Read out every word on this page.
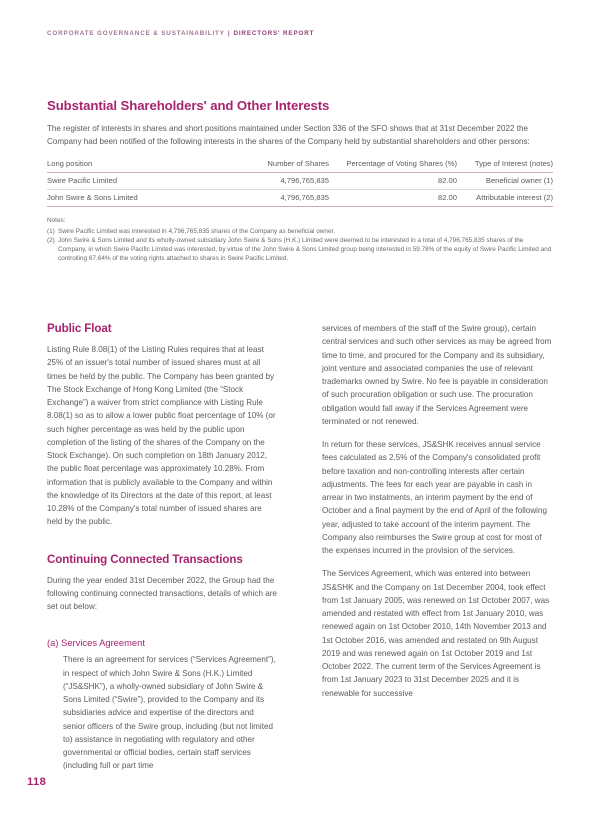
CORPORATE GOVERNANCE & SUSTAINABILITY | DIRECTORS' REPORT
Substantial Shareholders' and Other Interests

The register of interests in shares and short positions maintained under Section 336 of the SFO shows that at 31st December 2022 the Company had been notified of the following interests in the shares of the Company held by substantial shareholders and other persons:

Long position	Number of Shares	Percentage of Voting Shares (%)	Type of Interest (notes)
Swire Pacific Limited	4,796,765,835	82.00	Beneficial owner (1)
John Swire & Sons Limited	4,796,765,835	82.00	Attributable interest (2)
Notes:
(1) Swire Pacific Limited was interested in 4,796,765,835 shares of the Company as beneficial owner.
(2) John Swire & Sons Limited and its wholly-owned subsidiary John Swire & Sons (H.K.) Limited were deemed to be interested in a total of 4,796,765,835 shares of the Company, in which Swire Pacific Limited was interested, by virtue of the John Swire & Sons Limited group being interested in 59.78% of the equity of Swire Pacific Limited and controlling 67.64% of the voting rights attached to shares in Swire Pacific Limited.
Public Float

Listing Rule 8.08(1) of the Listing Rules requires that at least 25% of an issuer's total number of issued shares must at all times be held by the public. The Company has been granted by The Stock Exchange of Hong Kong Limited (the “Stock Exchange”) a waiver from strict compliance with Listing Rule 8.08(1) so as to allow a lower public float percentage of 10% (or such higher percentage as was held by the public upon completion of the listing of the shares of the Company on the Stock Exchange). On such completion on 18th January 2012, the public float percentage was approximately 10.28%. From information that is publicly available to the Company and within the knowledge of its Directors at the date of this report, at least 10.28% of the Company's total number of issued shares are held by the public.

Continuing Connected Transactions

During the year ended 31st December 2022, the Group had the following continuing connected transactions, details of which are set out below:

(a) Services Agreement

There is an agreement for services (“Services Agreement”), in respect of which John Swire & Sons (H.K.) Limited (“JS&SHK”), a wholly-owned subsidiary of John Swire & Sons Limited (“Swire”), provided to the Company and its subsidiaries advice and expertise of the directors and senior officers of the Swire group, including (but not limited to) assistance in negotiating with regulatory and other governmental or official bodies, certain staff services (including full or part time

services of members of the staff of the Swire group), certain central services and such other services as may be agreed from time to time, and procured for the Company and its subsidiary, joint venture and associated companies the use of relevant trademarks owned by Swire. No fee is payable in consideration of such procuration obligation or such use. The procuration obligation would fall away if the Services Agreement were terminated or not renewed.

In return for these services, JS&SHK receives annual service fees calculated as 2.5% of the Company's consolidated profit before taxation and non-controlling interests after certain adjustments. The fees for each year are payable in cash in arrear in two instalments, an interim payment by the end of October and a final payment by the end of April of the following year, adjusted to take account of the interim payment. The Company also reimburses the Swire group at cost for most of the expenses incurred in the provision of the services.

The Services Agreement, which was entered into between JS&SHK and the Company on 1st December 2004, took effect from 1st January 2005, was renewed on 1st October 2007, was amended and restated with effect from 1st January 2010, was renewed again on 1st October 2010, 14th November 2013 and 1st October 2016, was amended and restated on 9th August 2019 and was renewed again on 1st October 2019 and 1st October 2022. The current term of the Services Agreement is from 1st January 2023 to 31st December 2025 and it is renewable for successive

118
